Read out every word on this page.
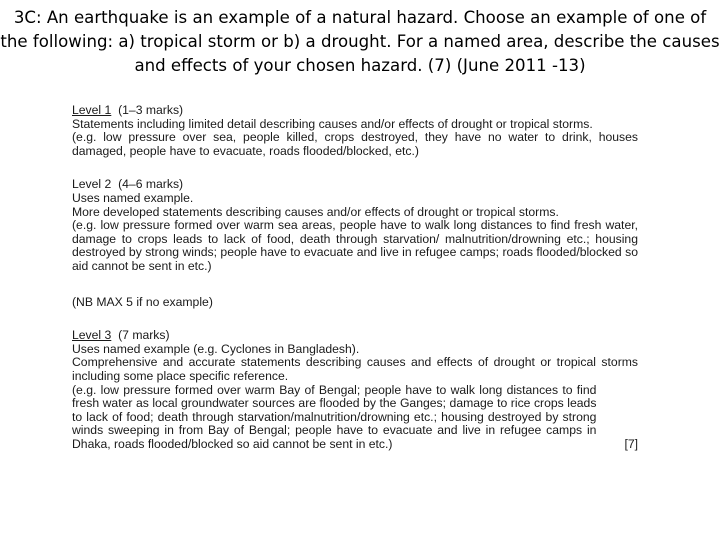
3C: An earthquake is an example of a natural hazard. Choose an example of one of the following: a) tropical storm or b) a drought. For a named area, describe the causes and effects of your chosen hazard. (7) (June 2011 -13)
Level 1 (1–3 marks)

Statements including limited detail describing causes and/or effects of drought or tropical storms.

(e.g. low pressure over sea, people killed, crops destroyed, they have no water to drink, houses damaged, people have to evacuate, roads flooded/blocked, etc.)

Level 2 (4–6 marks)

Uses named example.

More developed statements describing causes and/or effects of drought or tropical storms.

(e.g. low pressure formed over warm sea areas, people have to walk long distances to find fresh water, damage to crops leads to lack of food, death through starvation/ malnutrition/drowning etc.; housing destroyed by strong winds; people have to evacuate and live in refugee camps; roads flooded/blocked so aid cannot be sent in etc.)

(NB MAX 5 if no example)

Level 3 (7 marks)

Uses named example (e.g. Cyclones in Bangladesh).

Comprehensive and accurate statements describing causes and effects of drought or tropical storms including some place specific reference.

(e.g. low pressure formed over warm Bay of Bengal; people have to walk long distances to find fresh water as local groundwater sources are flooded by the Ganges; damage to rice crops leads to lack of food; death through starvation/malnutrition/drowning etc.; housing destroyed by strong winds sweeping in from Bay of Bengal; people have to evacuate and live in refugee camps in Dhaka, roads flooded/blocked so aid cannot be sent in etc.)	[7]
